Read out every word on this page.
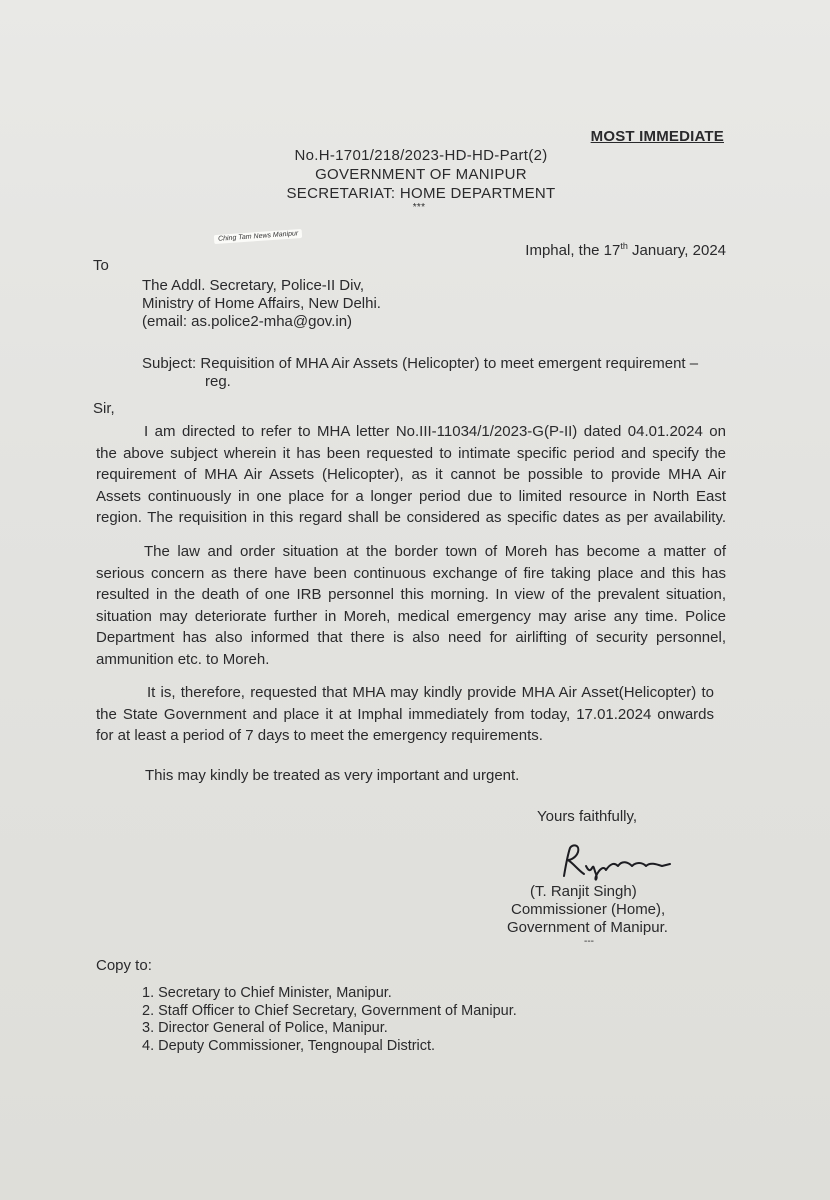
MOST IMMEDIATE
No.H-1701/218/2023-HD-HD-Part(2)
GOVERNMENT OF MANIPUR
SECRETARIAT: HOME DEPARTMENT
***
Ching Tam News Manipur
Imphal, the 17th January, 2024
To
The Addl. Secretary, Police-II Div,
Ministry of Home Affairs, New Delhi.
(email: as.police2-mha@gov.in)
Subject: Requisition of MHA Air Assets (Helicopter) to meet emergent requirement –
reg.
Sir,
I am directed to refer to MHA letter No.III-11034/1/2023-G(P-II) dated 04.01.2024 on
the above subject wherein it has been requested to intimate specific period and specify the
requirement of MHA Air Assets (Helicopter), as it cannot be possible to provide MHA Air
Assets continuously in one place for a longer period due to limited resource in North East
region. The requisition in this regard shall be considered as specific dates as per availability.
The law and order situation at the border town of Moreh has become a matter of
serious concern as there have been continuous exchange of fire taking place and this has
resulted in the death of one IRB personnel this morning. In view of the prevalent situation,
situation may deteriorate further in Moreh, medical emergency may arise any time. Police
Department has also informed that there is also need for airlifting of security personnel,
ammunition etc. to Moreh.
It is, therefore, requested that MHA may kindly provide MHA Air Asset(Helicopter) to
the State Government and place it at Imphal immediately from today, 17.01.2024 onwards
for at least a period of 7 days to meet the emergency requirements.
This may kindly be treated as very important and urgent.
Yours faithfully,
(T. Ranjit Singh)
Commissioner (Home),
Government of Manipur.
---
Copy to:
1. Secretary to Chief Minister, Manipur.
2. Staff Officer to Chief Secretary, Government of Manipur.
3. Director General of Police, Manipur.
4. Deputy Commissioner, Tengnoupal District.
